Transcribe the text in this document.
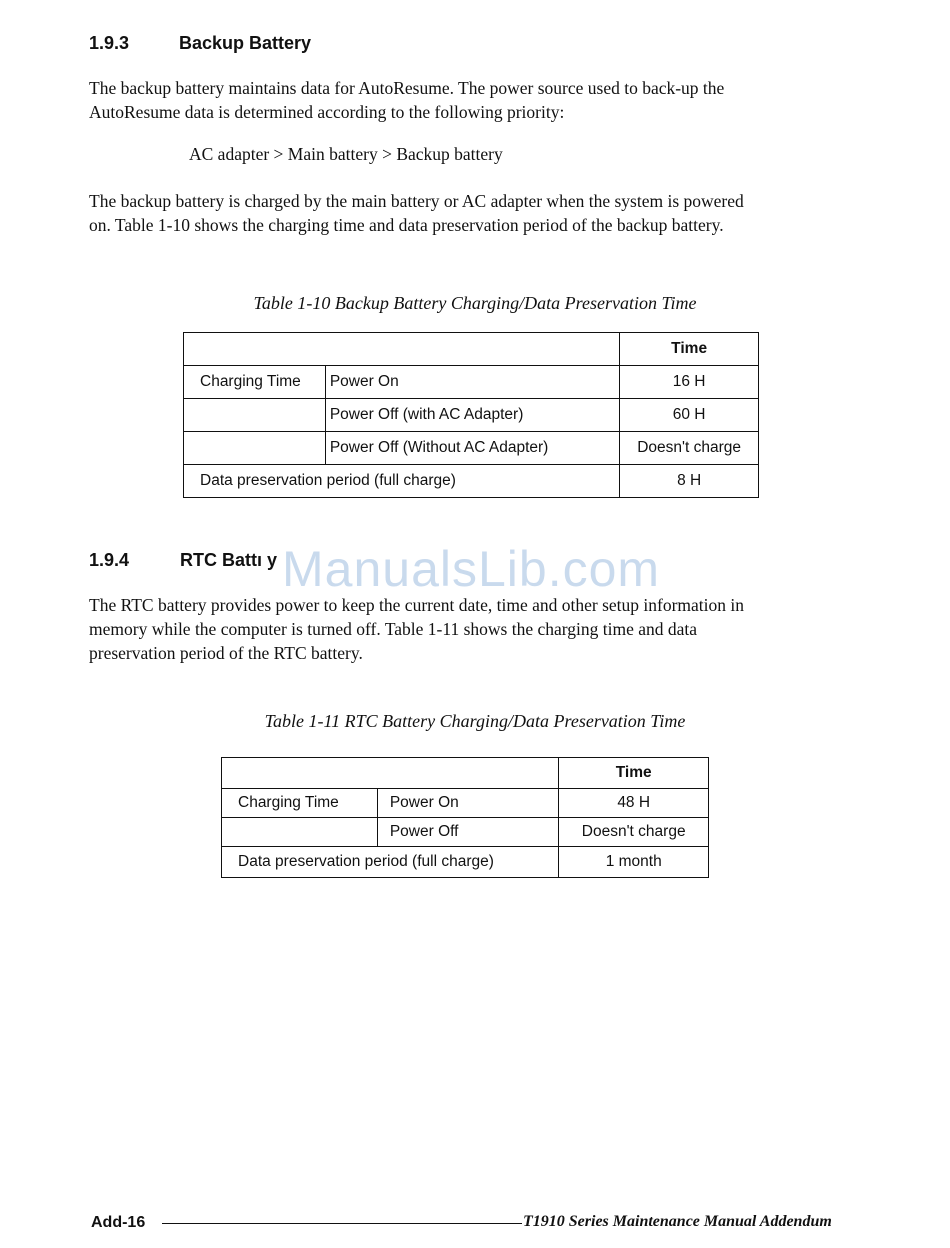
1.9.3	Backup Battery
The backup battery maintains data for AutoResume. The power source used to back-up the
AutoResume data is determined according to the following priority:
AC adapter > Main battery > Backup battery
The backup battery is charged by the main battery or AC adapter when the system is powered
on. Table 1-10 shows the charging time and data preservation period of the backup battery.
Table 1-10 Backup Battery Charging/Data Preservation Time
		Time
Charging Time	Power On	16 H
	Power Off (with AC Adapter)	60 H
	Power Off (Without AC Adapter)	Doesn't charge
Data preservation period (full charge)		8 H
1.9.4	RTC Battı y ManualsLib.com
The RTC battery provides power to keep the current date, time and other setup information in
memory while the computer is turned off. Table 1-11 shows the charging time and data
preservation period of the RTC battery.
Table 1-11 RTC Battery Charging/Data Preservation Time
		Time
Charging Time	Power On	48 H
	Power Off	Doesn't charge
Data preservation period (full charge)		1 month
Add-16	T1910 Series Maintenance Manual Addendum
